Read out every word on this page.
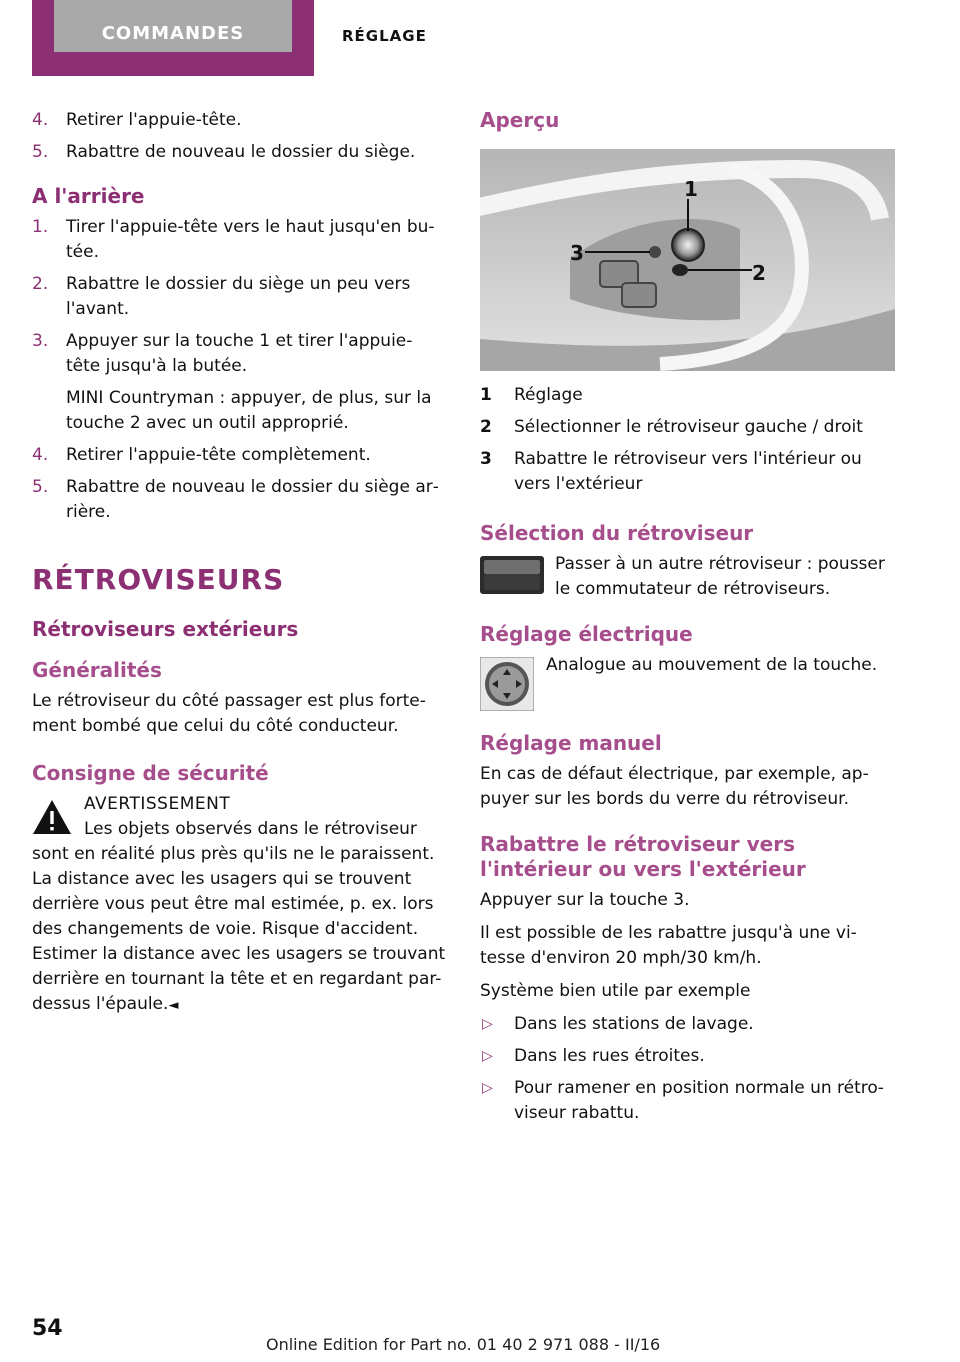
COMMANDES	RÉGLAGE
4. Retirer l'appuie-tête.
5. Rabattre de nouveau le dossier du siège.
A l'arrière
1. Tirer l'appuie-tête vers le haut jusqu'en bu‐tée.
2. Rabattre le dossier du siège un peu vers l'avant.
3. Appuyer sur la touche 1 et tirer l'appuie-tête jusqu'à la butée.
MINI Countryman : appuyer, de plus, sur la touche 2 avec un outil approprié.
4. Retirer l'appuie-tête complètement.
5. Rabattre de nouveau le dossier du siège ar‐rière.
RÉTROVISEURS
Rétroviseurs extérieurs
Généralités

Le rétroviseur du côté passager est plus forte‐ment bombé que celui du côté conducteur.

Consigne de sécurité
AVERTISSEMENT
Les objets observés dans le rétroviseur sont en réalité plus près qu'ils ne le paraissent. La distance avec les usagers qui se trouvent derrière vous peut être mal estimée, p. ex. lors des changements de voie. Risque d'accident. Estimer la distance avec les usagers se trouvant derrière en tournant la tête et en regardant par-dessus l'épaule.◄
Aperçu
1
2
3
1 Réglage
2 Sélectionner le rétroviseur gauche / droit
3 Rabattre le rétroviseur vers l'intérieur ou vers l'extérieur
Sélection du rétroviseur
Passer à un autre rétroviseur : pousser le commutateur de rétroviseurs.
Réglage électrique
Analogue au mouvement de la touche.
Réglage manuel

En cas de défaut électrique, par exemple, ap‐puyer sur les bords du verre du rétroviseur.

Rabattre le rétroviseur vers l'intérieur ou vers l'extérieur

Appuyer sur la touche 3.

Il est possible de les rabattre jusqu'à une vi‐tesse d'environ 20 mph/30 km/h.

Système bien utile par exemple

▷ Dans les stations de lavage.
▷ Dans les rues étroites.
▷ Pour ramener en position normale un rétro‐viseur rabattu.
54
Online Edition for Part no. 01 40 2 971 088 - II/16
